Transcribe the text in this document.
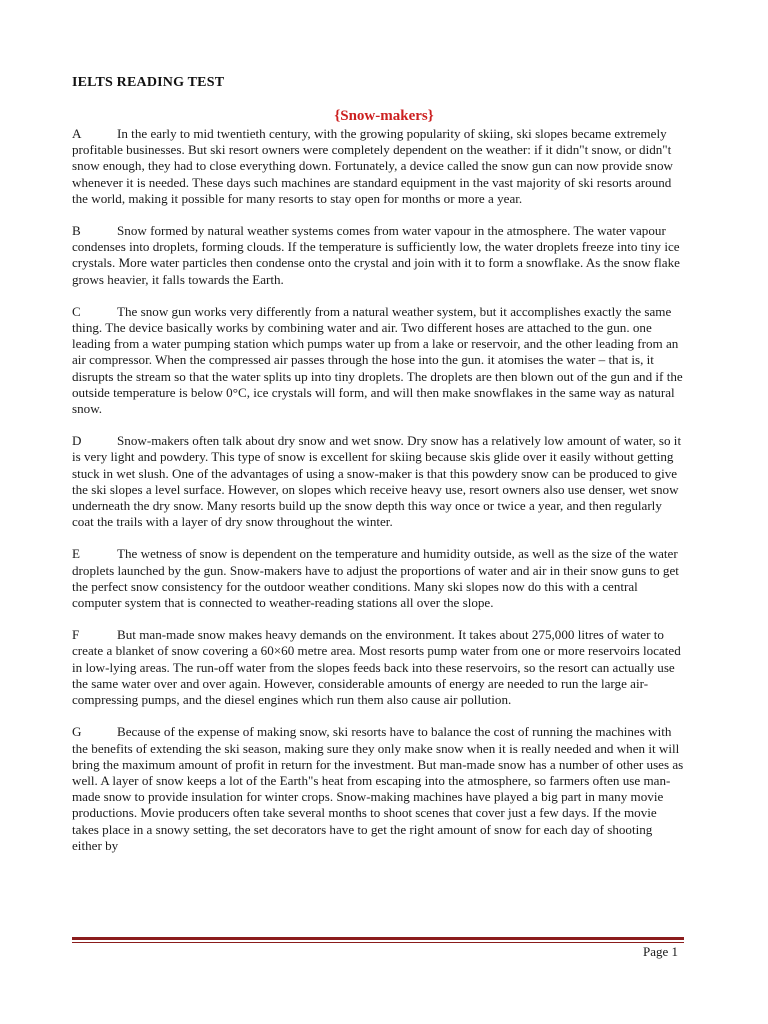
IELTS READING TEST
{Snow-makers}

A	In the early to mid twentieth century, with the growing popularity of skiing, ski slopes became extremely profitable businesses. But ski resort owners were completely dependent on the weather: if it didn"t snow, or didn"t snow enough, they had to close everything down. Fortunately, a device called the snow gun can now provide snow whenever it is needed. These days such machines are standard equipment in the vast majority of ski resorts around the world, making it possible for many resorts to stay open for months or more a year.

B	Snow formed by natural weather systems comes from water vapour in the atmosphere. The water vapour condenses into droplets, forming clouds. If the temperature is sufficiently low, the water droplets freeze into tiny ice crystals. More water particles then condense onto the crystal and join with it to form a snowflake. As the snow flake grows heavier, it falls towards the Earth.

C	The snow gun works very differently from a natural weather system, but it accomplishes exactly the same thing. The device basically works by combining water and air. Two different hoses are attached to the gun. one leading from a water pumping station which pumps water up from a lake or reservoir, and the other leading from an air compressor. When the compressed air passes through the hose into the gun. it atomises the water – that is, it disrupts the stream so that the water splits up into tiny droplets. The droplets are then blown out of the gun and if the outside temperature is below 0°C, ice crystals will form, and will then make snowflakes in the same way as natural snow.

D	Snow-makers often talk about dry snow and wet snow. Dry snow has a relatively low amount of water, so it is very light and powdery. This type of snow is excellent for skiing because skis glide over it easily without getting stuck in wet slush. One of the advantages of using a snow-maker is that this powdery snow can be produced to give the ski slopes a level surface. However, on slopes which receive heavy use, resort owners also use denser, wet snow underneath the dry snow. Many resorts build up the snow depth this way once or twice a year, and then regularly coat the trails with a layer of dry snow throughout the winter.

E	The wetness of snow is dependent on the temperature and humidity outside, as well as the size of the water droplets launched by the gun. Snow-makers have to adjust the proportions of water and air in their snow guns to get the perfect snow consistency for the outdoor weather conditions. Many ski slopes now do this with a central computer system that is connected to weather-reading stations all over the slope.

F	But man-made snow makes heavy demands on the environment. It takes about 275,000 litres of water to create a blanket of snow covering a 60×60 metre area. Most resorts pump water from one or more reservoirs located in low-lying areas. The run-off water from the slopes feeds back into these reservoirs, so the resort can actually use the same water over and over again. However, considerable amounts of energy are needed to run the large air-compressing pumps, and the diesel engines which run them also cause air pollution.

G	Because of the expense of making snow, ski resorts have to balance the cost of running the machines with the benefits of extending the ski season, making sure they only make snow when it is really needed and when it will bring the maximum amount of profit in return for the investment. But man-made snow has a number of other uses as well. A layer of snow keeps a lot of the Earth"s heat from escaping into the atmosphere, so farmers often use man-made snow to provide insulation for winter crops. Snow-making machines have played a big part in many movie productions. Movie producers often take several months to shoot scenes that cover just a few days. If the movie takes place in a snowy setting, the set decorators have to get the right amount of snow for each day of shooting either by

Page 1
